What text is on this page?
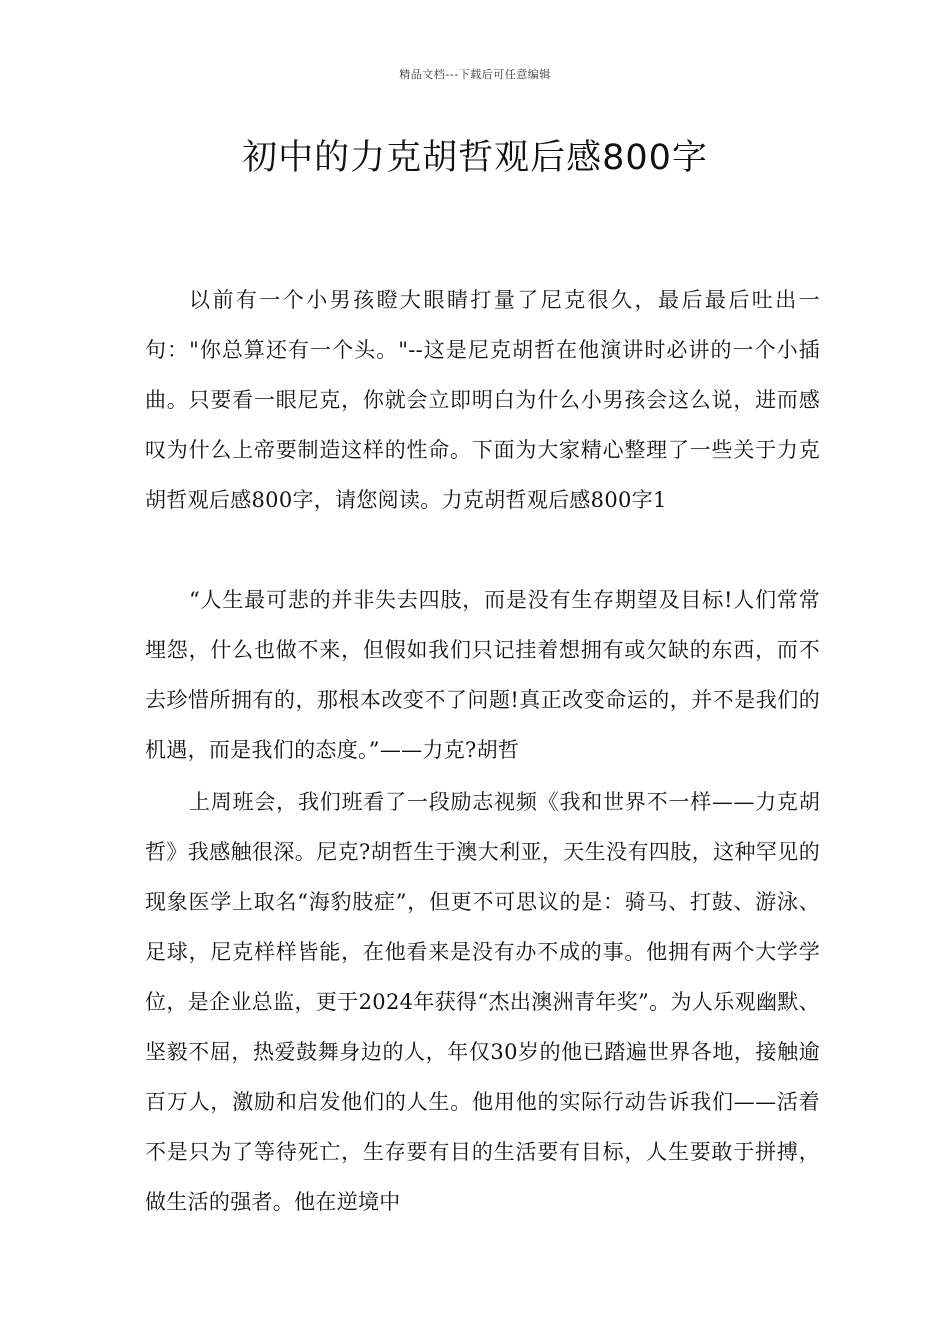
精品文档---下载后可任意编辑
初中的力克胡哲观后感800字

以前有一个小男孩瞪大眼睛打量了尼克很久，最后最后吐出一句："你总算还有一个头。"--这是尼克胡哲在他演讲时必讲的一个小插曲。只要看一眼尼克，你就会立即明白为什么小男孩会这么说，进而感叹为什么上帝要制造这样的性命。下面为大家精心整理了一些关于力克胡哲观后感800字，请您阅读。力克胡哲观后感800字1

“人生最可悲的并非失去四肢，而是没有生存期望及目标!人们常常埋怨，什么也做不来，但假如我们只记挂着想拥有或欠缺的东西，而不去珍惜所拥有的，那根本改变不了问题!真正改变命运的，并不是我们的机遇，而是我们的态度。”——力克?胡哲

上周班会，我们班看了一段励志视频《我和世界不一样——力克胡哲》我感触很深。尼克?胡哲生于澳大利亚，天生没有四肢，这种罕见的现象医学上取名“海豹肢症”，但更不可思议的是：骑马、打鼓、游泳、足球，尼克样样皆能，在他看来是没有办不成的事。他拥有两个大学学位，是企业总监，更于2024年获得“杰出澳洲青年奖”。为人乐观幽默、坚毅不屈，热爱鼓舞身边的人，年仅30岁的他已踏遍世界各地，接触逾百万人，激励和启发他们的人生。他用他的实际行动告诉我们——活着不是只为了等待死亡，生存要有目的生活要有目标，人生要敢于拼搏，做生活的强者。他在逆境中
